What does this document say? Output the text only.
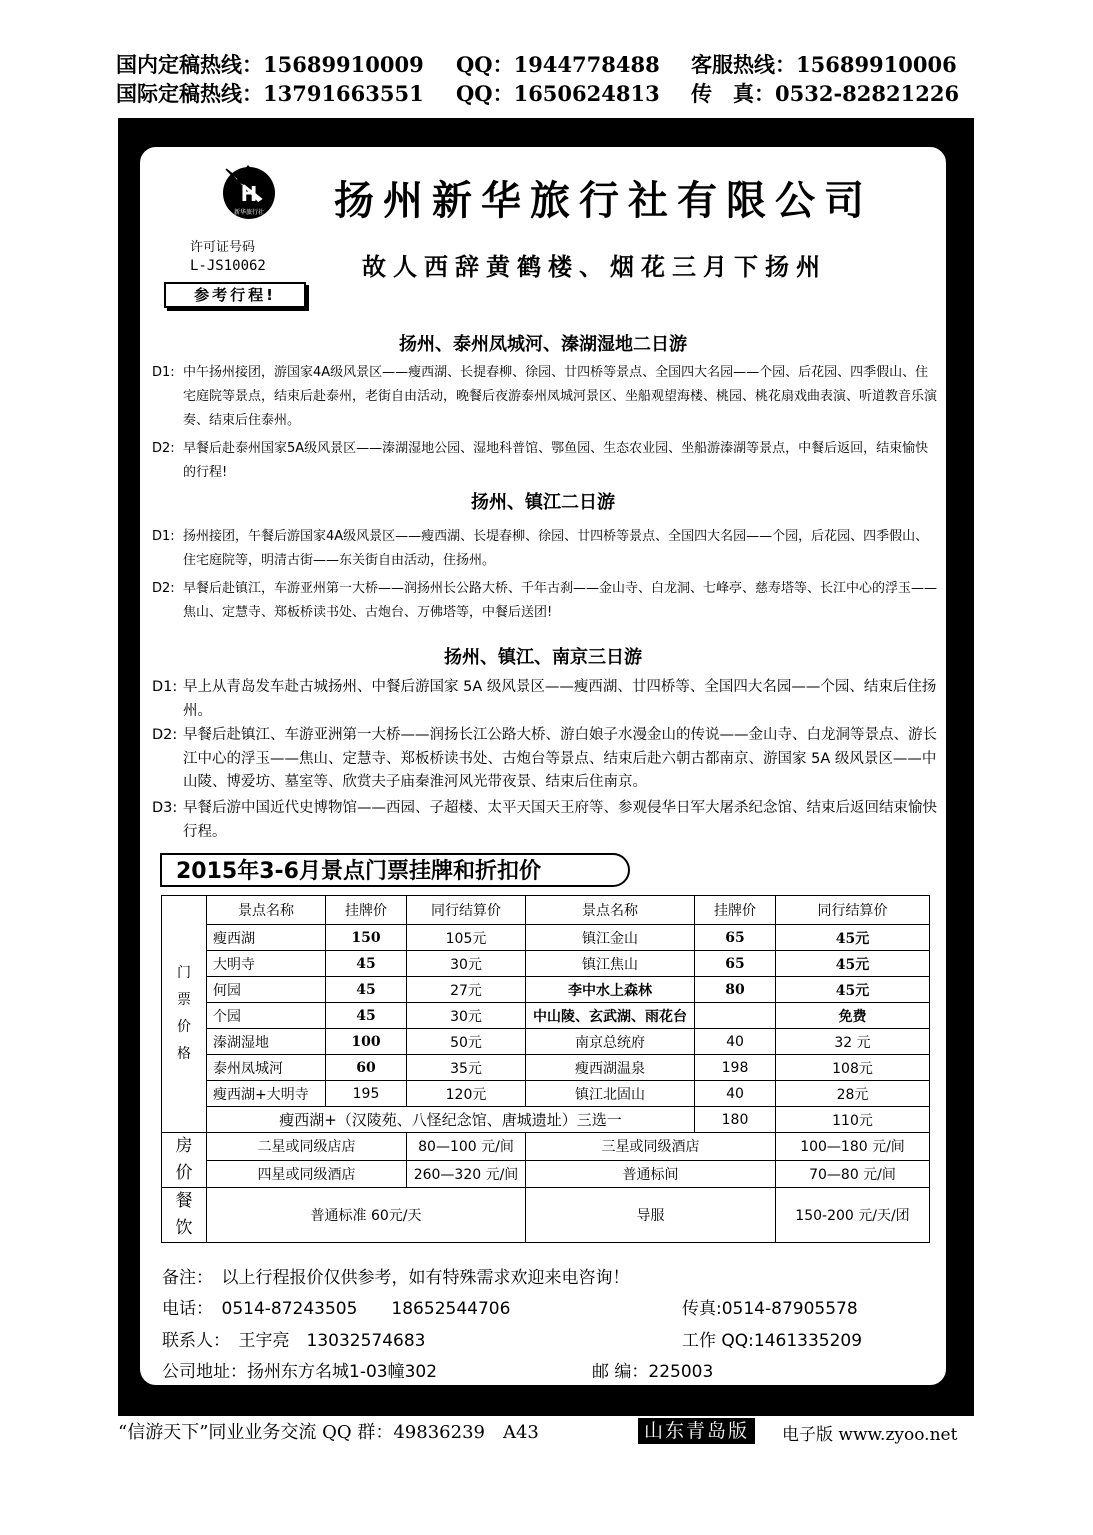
国内定稿热线：15689910009	QQ：1944778488	客服热线：15689910006
国际定稿热线：13791663551	QQ：1650624813	传　真：0532-82821226
H
新华旅行社
许可证号码
L-JS10062
参考行程!
扬州新华旅行社有限公司
故人西辞黄鹤楼、烟花三月下扬州
扬州、泰州凤城河、溱湖湿地二日游
D1: 中午扬州接团，游国家4A级风景区——瘦西湖、长提春柳、徐园、廿四桥等景点、全国四大名园——个园、后花园、四季假山、住宅庭院等景点，结束后赴泰州，老街自由活动，晚餐后夜游泰州凤城河景区、坐船观望海楼、桃园、桃花扇戏曲表演、听道教音乐演奏、结束后住泰州。
D2: 早餐后赴泰州国家5A级风景区——溱湖湿地公园、湿地科普馆、鄂鱼园、生态农业园、坐船游溱湖等景点，中餐后返回，结束愉快的行程!
扬州、镇江二日游
D1: 扬州接团，午餐后游国家4A级风景区——瘦西湖、长堤春柳、徐园、廿四桥等景点、全国四大名园——个园，后花园、四季假山、住宅庭院等，明清古街——东关街自由活动，住扬州。
D2: 早餐后赴镇江，车游亚州第一大桥——润扬州长公路大桥、千年古刹——金山寺、白龙洞、七峰亭、慈寿塔等、长江中心的浮玉——焦山、定慧寺、郑板桥读书处、古炮台、万佛塔等，中餐后送团!
扬州、镇江、南京三日游
D1: 早上从青岛发车赴古城扬州、中餐后游国家 5A 级风景区——瘦西湖、廿四桥等、全国四大名园——个园、结束后住扬州。
D2: 早餐后赴镇江、车游亚洲第一大桥——润扬长江公路大桥、游白娘子水漫金山的传说——金山寺、白龙洞等景点、游长江中心的浮玉——焦山、定慧寺、郑板桥读书处、古炮台等景点、结束后赴六朝古都南京、游国家 5A 级风景区——中山陵、博爱坊、墓室等、欣赏夫子庙秦淮河风光带夜景、结束后住南京。
D3: 早餐后游中国近代史博物馆——西园、子超楼、太平天国天王府等、参观侵华日军大屠杀纪念馆、结束后返回结束愉快行程。
2015年3-6月景点门票挂牌和折扣价
门票价格	景点名称	挂牌价	同行结算价	景点名称	挂牌价	同行结算价
	瘦西湖	150	105元	镇江金山	65	45元
	大明寺	45	30元	镇江焦山	65	45元
	何园	45	27元	李中水上森林	80	45元
	个园	45	30元	中山陵、玄武湖、雨花台		免费
	溱湖湿地	100	50元	南京总统府	40	32 元
	泰州凤城河	60	35元	瘦西湖温泉	198	108元
	瘦西湖+大明寺	195	120元	镇江北固山	40	28元
	瘦西湖+（汉陵苑、八怪纪念馆、唐城遗址）三选一				180	110元
房价	二星或同级店店		80—100 元/间	三星或同级酒店		100—180 元/间
	四星或同级酒店		260—320 元/间	普通标间		70—80 元/间
餐饮	普通标准 60元/天			导服		150-200 元/天/团
备注：　以上行程报价仅供参考，如有特殊需求欢迎来电咨询！
电话：　0514-87243505　　18652544706	传真:0514-87905578
联系人：　王宇亮　13032574683	工作 QQ:1461335209
公司地址：扬州东方名城1-03幢302	邮 编：225003
“信游天下”同业业务交流 QQ 群：49836239　A43	山东青岛版	电子版 www.zyoo.net
